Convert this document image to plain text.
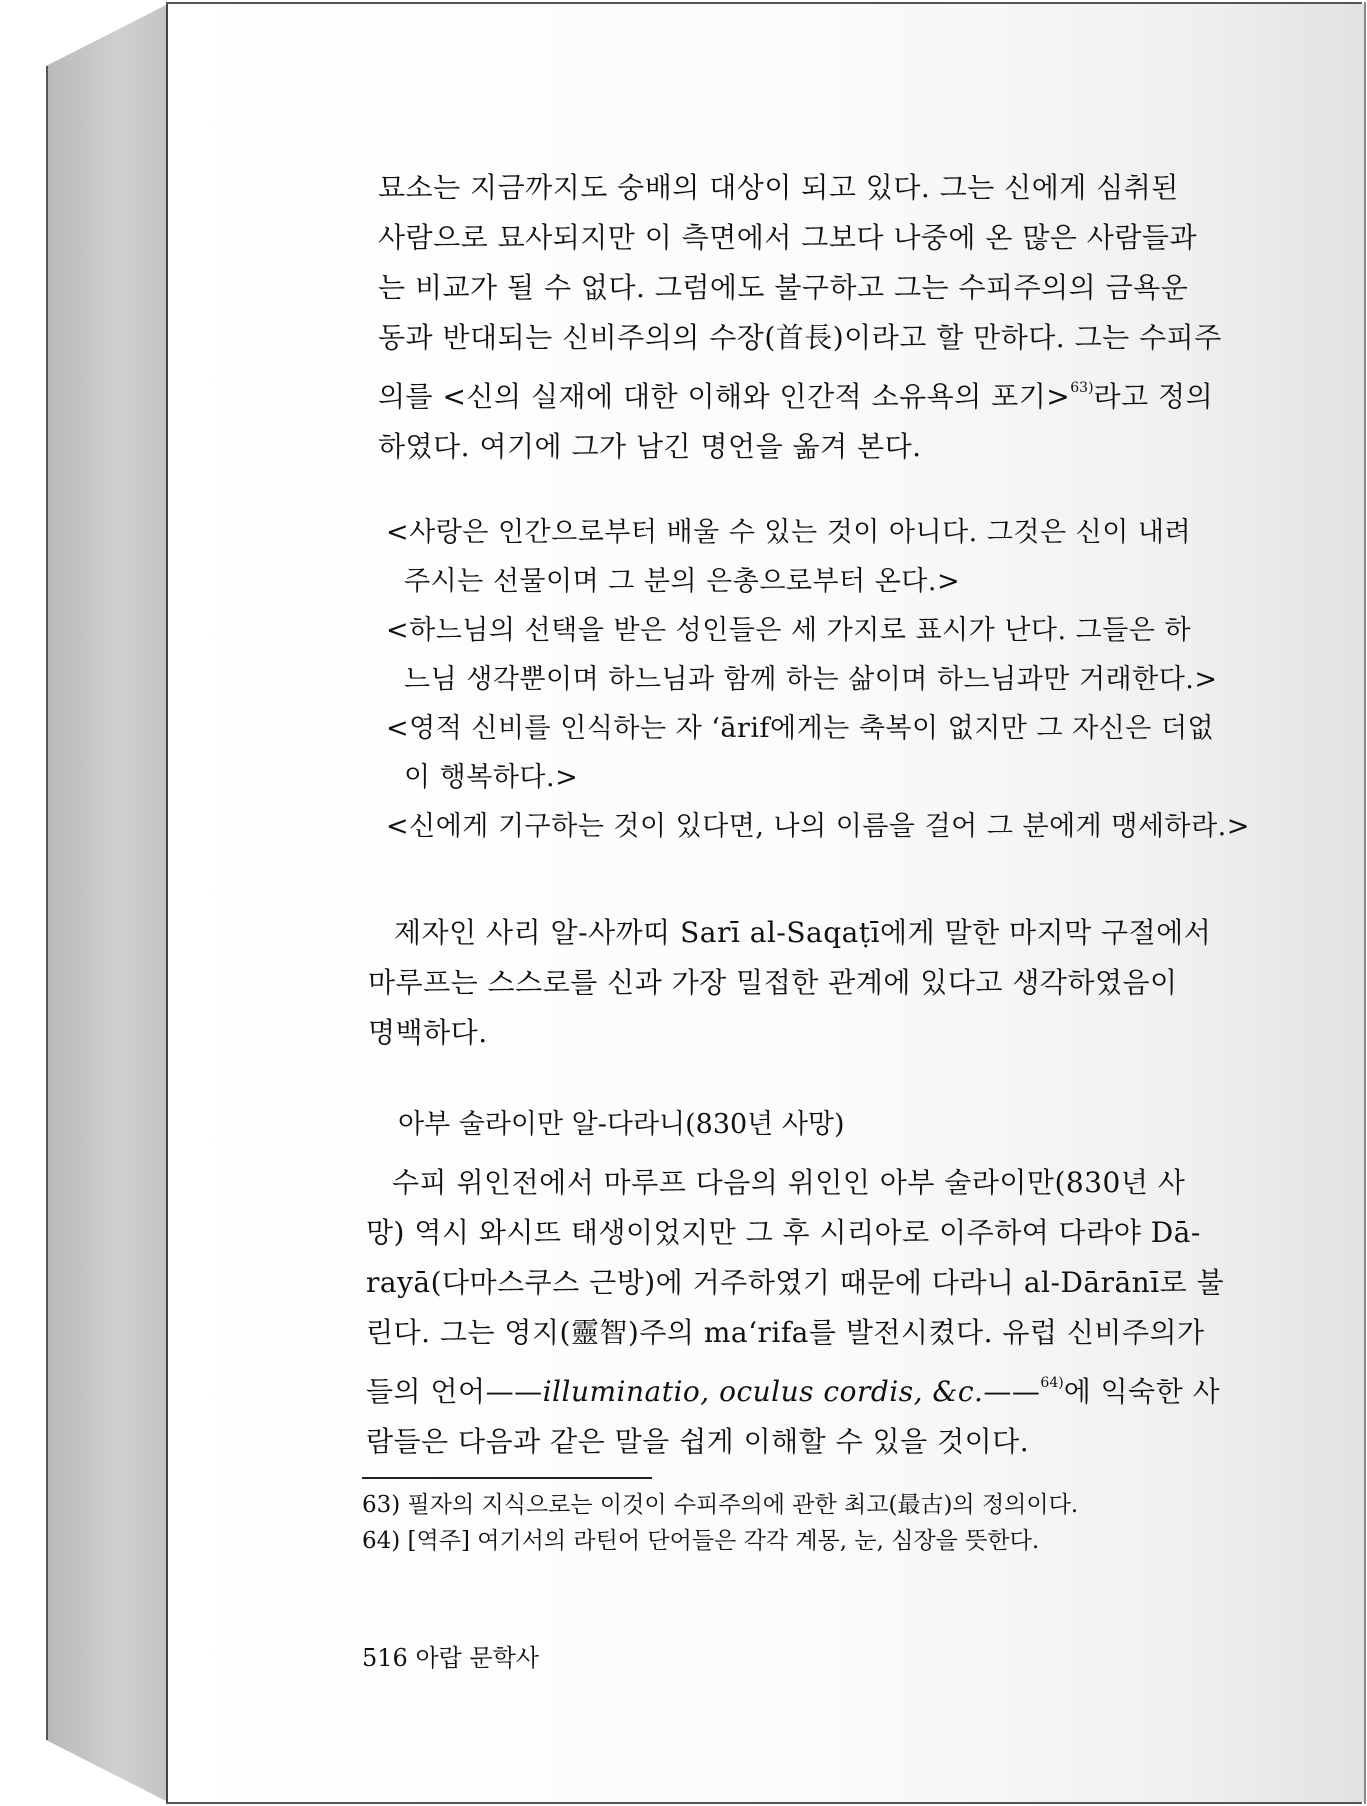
묘소는 지금까지도 숭배의 대상이 되고 있다. 그는 신에게 심취된
사람으로 묘사되지만 이 측면에서 그보다 나중에 온 많은 사람들과
는 비교가 될 수 없다. 그럼에도 불구하고 그는 수피주의의 금욕운
동과 반대되는 신비주의의 수장(首長)이라고 할 만하다. 그는 수피주
의를 <신의 실재에 대한 이해와 인간적 소유욕의 포기>$^{63)}$라고 정의
하였다. 여기에 그가 남긴 명언을 옮겨 본다.
<사랑은 인간으로부터 배울 수 있는 것이 아니다. 그것은 신이 내려
주시는 선물이며 그 분의 은총으로부터 온다.>
<하느님의 선택을 받은 성인들은 세 가지로 표시가 난다. 그들은 하
느님 생각뿐이며 하느님과 함께 하는 삶이며 하느님과만 거래한다.>
<영적 신비를 인식하는 자 ‘ārif에게는 축복이 없지만 그 자신은 더없
이 행복하다.>
<신에게 기구하는 것이 있다면, 나의 이름을 걸어 그 분에게 맹세하라.>
제자인 사리 알-사까띠 Sarī al-Saqaṭī에게 말한 마지막 구절에서
마루프는 스스로를 신과 가장 밀접한 관계에 있다고 생각하였음이
명백하다.
아부 술라이만 알-다라니(830년 사망)
수피 위인전에서 마루프 다음의 위인인 아부 술라이만(830년 사
망) 역시 와시뜨 태생이었지만 그 후 시리아로 이주하여 다라야 Dā-
rayā(다마스쿠스 근방)에 거주하였기 때문에 다라니 al-Dārānī로 불
린다. 그는 영지(靈智)주의 ma‘rifa를 발전시켰다. 유럽 신비주의가
들의 언어——illuminatio, oculus cordis, &c.——$^{64)}$에 익숙한 사
람들은 다음과 같은 말을 쉽게 이해할 수 있을 것이다.
63) 필자의 지식으로는 이것이 수피주의에 관한 최고(最古)의 정의이다.
64) [역주] 여기서의 라틴어 단어들은 각각 계몽, 눈, 심장을 뜻한다.
516 아랍 문학사
